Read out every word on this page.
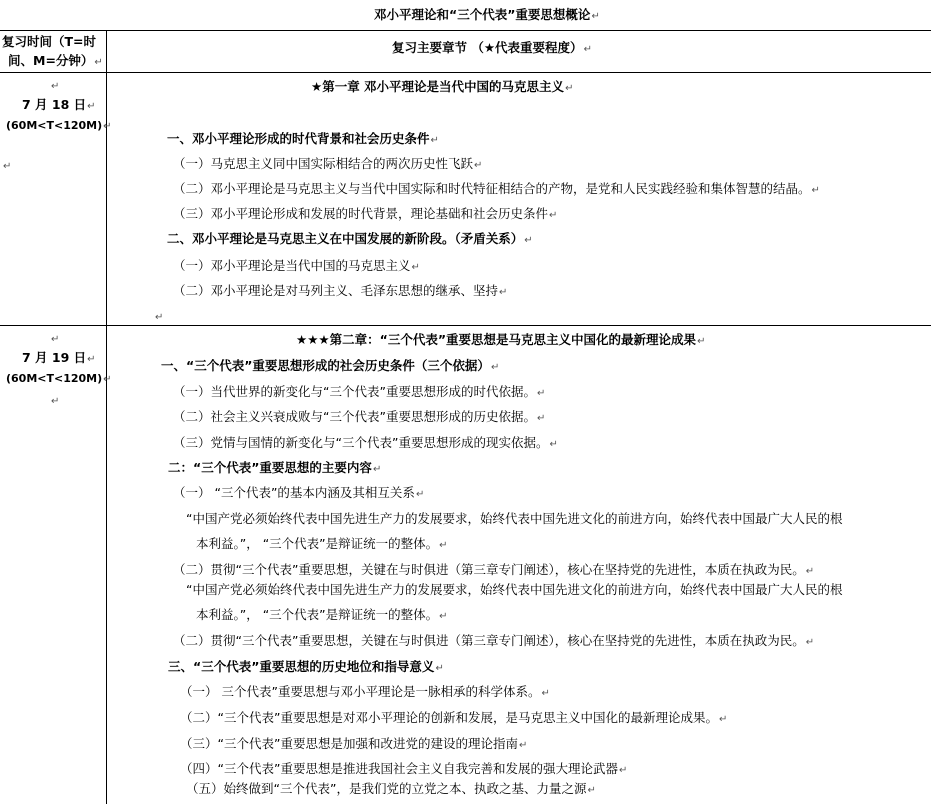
邓小平理论和“三个代表”重要思想概论↵
复习时间（T=时
间、M=分钟）↵
复习主要章节 （★代表重要程度）↵
↵
7 月 18 日↵
(60M<T<120M)↵
↵
★第一章 邓小平理论是当代中国的马克思主义↵
一、邓小平理论形成的时代背景和社会历史条件↵
（一）马克思主义同中国实际相结合的两次历史性飞跃↵
（二）邓小平理论是马克思主义与当代中国实际和时代特征相结合的产物，是党和人民实践经验和集体智慧的结晶。↵
（三）邓小平理论形成和发展的时代背景，理论基础和社会历史条件↵
二、邓小平理论是马克思主义在中国发展的新阶段。（矛盾关系）↵
（一）邓小平理论是当代中国的马克思主义↵
（二）邓小平理论是对马列主义、毛泽东思想的继承、坚持↵
↵
↵
7 月 19 日↵
(60M<T<120M)↵
↵
★★★第二章：“三个代表”重要思想是马克思主义中国化的最新理论成果↵
一、“三个代表”重要思想形成的社会历史条件（三个依据）↵
（一）当代世界的新变化与“三个代表”重要思想形成的时代依据。↵
（二）社会主义兴衰成败与“三个代表”重要思想形成的历史依据。↵
（三）党情与国情的新变化与“三个代表”重要思想形成的现实依据。↵
二：“三个代表”重要思想的主要内容↵
（一） “三个代表”的基本内涵及其相互关系↵
“中国产党必须始终代表中国先进生产力的发展要求，始终代表中国先进文化的前进方向，始终代表中国最广大人民的根
本利益。”， “三个代表”是辩证统一的整体。↵
（二）贯彻“三个代表”重要思想，关键在与时俱进（第三章专门阐述），核心在坚持党的先进性，本质在执政为民。↵
“中国产党必须始终代表中国先进生产力的发展要求，始终代表中国先进文化的前进方向，始终代表中国最广大人民的根
本利益。”， “三个代表”是辩证统一的整体。↵
（二）贯彻“三个代表”重要思想，关键在与时俱进（第三章专门阐述），核心在坚持党的先进性，本质在执政为民。↵
三、“三个代表”重要思想的历史地位和指导意义↵
（一） 三个代表”重要思想与邓小平理论是一脉相承的科学体系。↵
（二）“三个代表”重要思想是对邓小平理论的创新和发展，是马克思主义中国化的最新理论成果。↵
（三）“三个代表”重要思想是加强和改进党的建设的理论指南↵
（四）“三个代表”重要思想是推进我国社会主义自我完善和发展的强大理论武器↵
（五）始终做到“三个代表”，是我们党的立党之本、执政之基、力量之源↵
